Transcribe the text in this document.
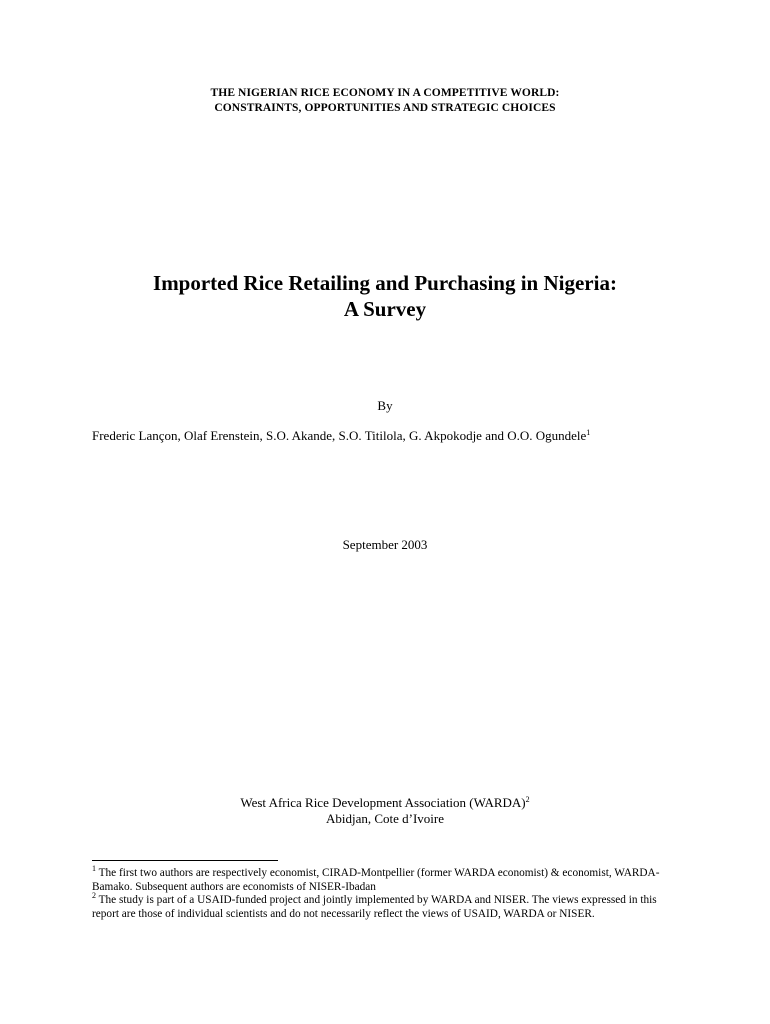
THE NIGERIAN RICE ECONOMY IN A COMPETITIVE WORLD:
CONSTRAINTS, OPPORTUNITIES AND STRATEGIC CHOICES
Imported Rice Retailing and Purchasing in Nigeria:
A Survey
By
Frederic Lançon, Olaf Erenstein, S.O. Akande, S.O. Titilola, G. Akpokodje and O.O. Ogundele$^1$
September 2003
West Africa Rice Development Association (WARDA)$^2$
Abidjan, Cote d’Ivoire

$^1$ The first two authors are respectively economist, CIRAD-Montpellier (former WARDA economist) & economist, WARDA-Bamako. Subsequent authors are economists of NISER-Ibadan

$^2$ The study is part of a USAID-funded project and jointly implemented by WARDA and NISER. The views expressed in this report are those of individual scientists and do not necessarily reflect the views of USAID, WARDA or NISER.
